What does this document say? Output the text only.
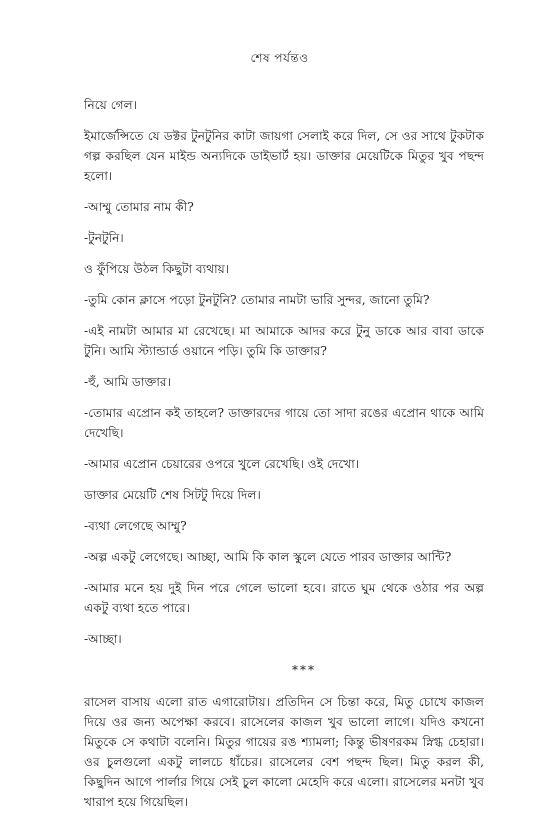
শেষ পর্যন্তও

নিয়ে গেল।

ইমার্জেন্সিতে যে ডক্টর টুনটুনির কাটা জায়গা সেলাই করে দিল, সে ওর সাথে টুকটাক গল্প করছিল যেন মাইন্ড অন্যদিকে ডাইভার্ট হয়। ডাক্তার মেয়েটিকে মিতুর খুব পছন্দ হলো।

-আম্মু তোমার নাম কী?

-টুনটুনি।

ও ফুঁপিয়ে উঠল কিছুটা ব্যথায়।

-তুমি কোন ক্লাসে পড়ো টুনটুনি? তোমার নামটা ভারি সুন্দর, জানো তুমি?

-এই নামটা আমার মা রেখেছে। মা আমাকে আদর করে টুনু ডাকে আর বাবা ডাকে টুনি। আমি স্ট্যান্ডার্ড ওয়ানে পড়ি। তুমি কি ডাক্তার?

-হুঁ, আমি ডাক্তার।

-তোমার এপ্রোন কই তাহলে? ডাক্তারদের গায়ে তো সাদা রঙের এপ্রোন থাকে আমি দেখেছি।

-আমার এপ্রোন চেয়ারের ওপরে খুলে রেখেছি। ওই দেখো।

ডাক্তার মেয়েটি শেষ সিটটু দিয়ে দিল।

-ব্যথা লেগেছে আম্মু?

-অল্প একটু লেগেছে। আচ্ছা, আমি কি কাল স্কুলে যেতে পারব ডাক্তার আন্টি?

-আমার মনে হয় দুই দিন পরে গেলে ভালো হবে। রাতে ঘুম থেকে ওঠার পর অল্প একটু ব্যথা হতে পারে।

-আচ্ছা।

***

রাসেল বাসায় এলো রাত এগারোটায়। প্রতিদিন সে চিন্তা করে, মিতু চোখে কাজল দিয়ে ওর জন্য অপেক্ষা করবে। রাসেলের কাজল খুব ভালো লাগে। যদিও কখনো মিতুকে সে কথাটা বলেনি। মিতুর গায়ের রঙ শ্যামলা; কিন্তু ভীষণরকম স্নিগ্ধ চেহারা। ওর চুলগুলো একটু লালচে ধাঁচের। রাসেলের বেশ পছন্দ ছিল। মিতু করল কী, কিছুদিন আগে পার্লার গিয়ে সেই চুল কালো মেহেদি করে এলো। রাসেলের মনটা খুব খারাপ হয়ে গিয়েছিল।
